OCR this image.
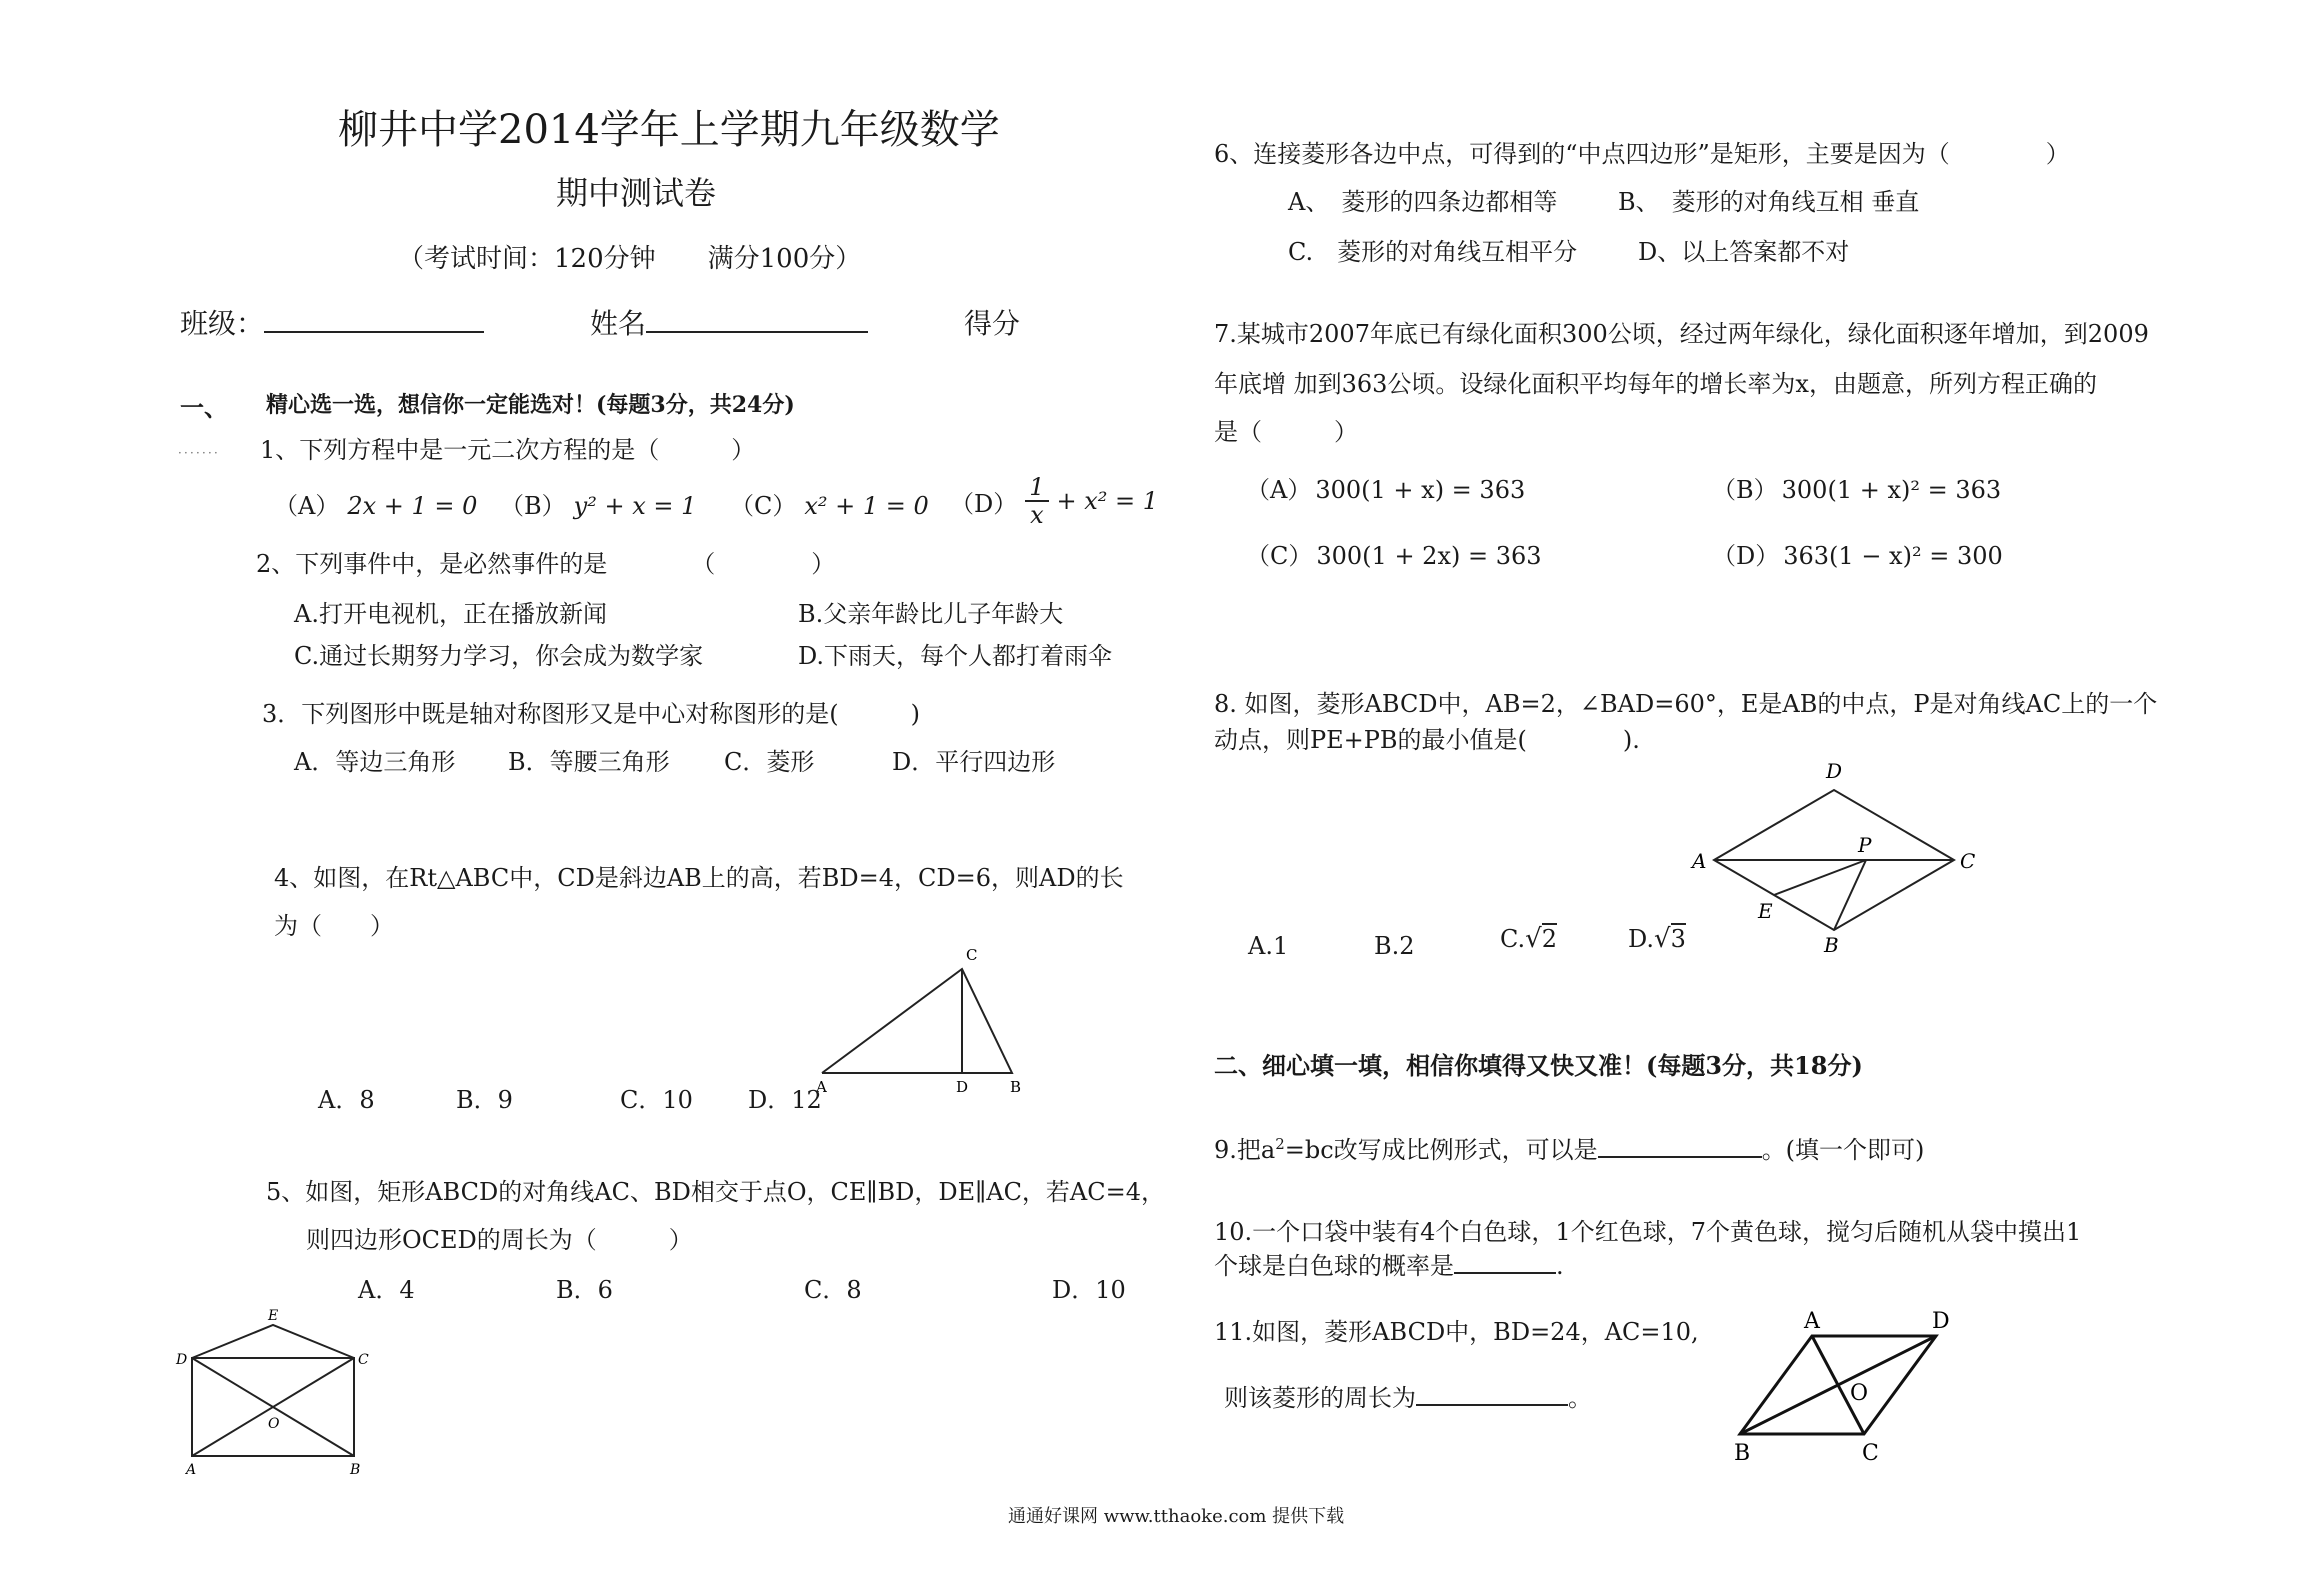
柳井中学2014学年上学期九年级数学
期中测试卷
（考试时间：120分钟　　满分100分）
班级：	姓名	得分
一、 精心选一选，想信你一定能选对！(每题3分，共24分)
．．．．．．． 1、下列方程中是一元二次方程的是（　　　）
（A） 2x + 1 = 0 （B） y² + x = 1 （C） x² + 1 = 0 （D）
1
x + x² = 1
2、下列事件中，是必然事件的是　　　　（　　　　）
A.打开电视机，正在播放新闻	B.父亲年龄比儿子年龄大
C.通过长期努力学习，你会成为数学家	D.下雨天，每个人都打着雨伞
3．下列图形中既是轴对称图形又是中心对称图形的是(　　　)
A．等边三角形 B．等腰三角形 C．菱形	D．平行四边形
4、如图，在Rt△ABC中，CD是斜边AB上的高，若BD=4，CD=6，则AD的长
为（　　）
C
D	B
A
A．8	B．9	C．10 D．12
5、如图，矩形ABCD的对角线AC、BD相交于点O，CE∥BD，DE∥AC，若AC=4，
则四边形OCED的周长为（　　　）
A．4	B．6	C．8	D．10
E
D	C
O
A	B
6、连接菱形各边中点，可得到的“中点四边形”是矩形，主要是因为（　　　　）
A、　菱形的四条边都相等	B、　菱形的对角线互相 垂直
C.　菱形的对角线互相平分	D、以上答案都不对
7.某城市2007年底已有绿化面积300公顷，经过两年绿化，绿化面积逐年增加，到2009
年底增 加到363公顷。设绿化面积平均每年的增长率为x，由题意，所列方程正确的
是（　　　）
（A） 300(1 + x) = 363	（B） 300(1 + x)² = 363
（C） 300(1 + 2x) = 363	（D） 363(1 − x)² = 300
8. 如图，菱形ABCD中，AB=2，∠BAD=60°，E是AB的中点，P是对角线AC上的一个
动点，则PE+PB的最小值是(　　　　).
D
A	C
P
E
B
A.1	B.2	C.√2	D.√3
二、细心填一填，相信你填得又快又准！(每题3分，共18分)
9.把$a^2=bc$改写成比例形式，可以是	。(填一个即可)
10.一个口袋中装有4个白色球，1个红色球，7个黄色球，搅匀后随机从袋中摸出1
个球是白色球的概率是	.
11.如图，菱形ABCD中，BD=24，AC=10,
则该菱形的周长为	。
A	D
B	C
O
通通好课网 www.tthaoke.com 提供下载
